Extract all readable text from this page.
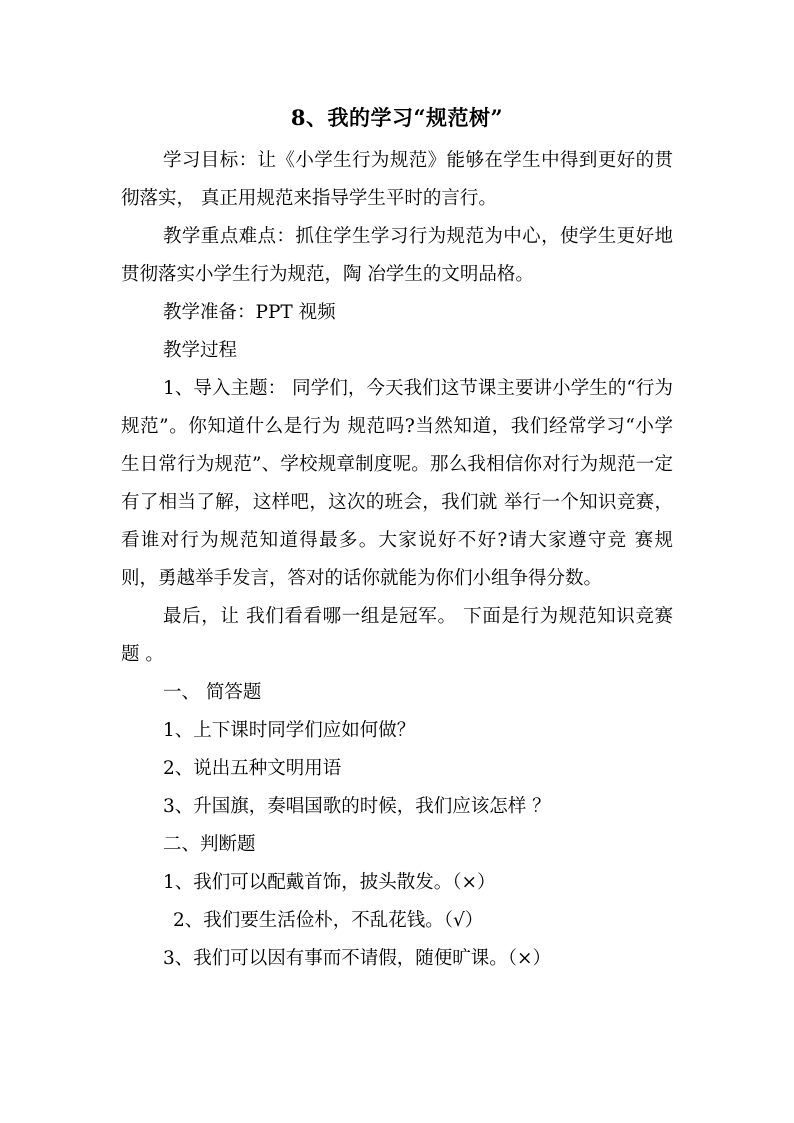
8、我的学习“规范树”

学习目标：让《小学生行为规范》能够在学生中得到更好的贯彻落实， 真正用规范来指导学生平时的言行。

教学重点难点：抓住学生学习行为规范为中心，使学生更好地贯彻落实小学生行为规范，陶 冶学生的文明品格。

教学准备：PPT 视频

教学过程

1、导入主题： 同学们，今天我们这节课主要讲小学生的“行为规范”。你知道什么是行为 规范吗?当然知道，我们经常学习“小学生日常行为规范”、学校规章制度呢。那么我相信你对行为规范一定有了相当了解，这样吧，这次的班会，我们就 举行一个知识竞赛，看谁对行为规范知道得最多。大家说好不好?请大家遵守竞 赛规则，勇越举手发言，答对的话你就能为你们小组争得分数。

最后，让 我们看看哪一组是冠军。 下面是行为规范知识竞赛题 。

一、 简答题

1、上下课时同学们应如何做？

2、说出五种文明用语

3、升国旗，奏唱国歌的时候，我们应该怎样 ？

二、判断题

1、我们可以配戴首饰，披头散发。（×）

2、我们要生活俭朴，不乱花钱。（√）

3、我们可以因有事而不请假，随便旷课。（×）
